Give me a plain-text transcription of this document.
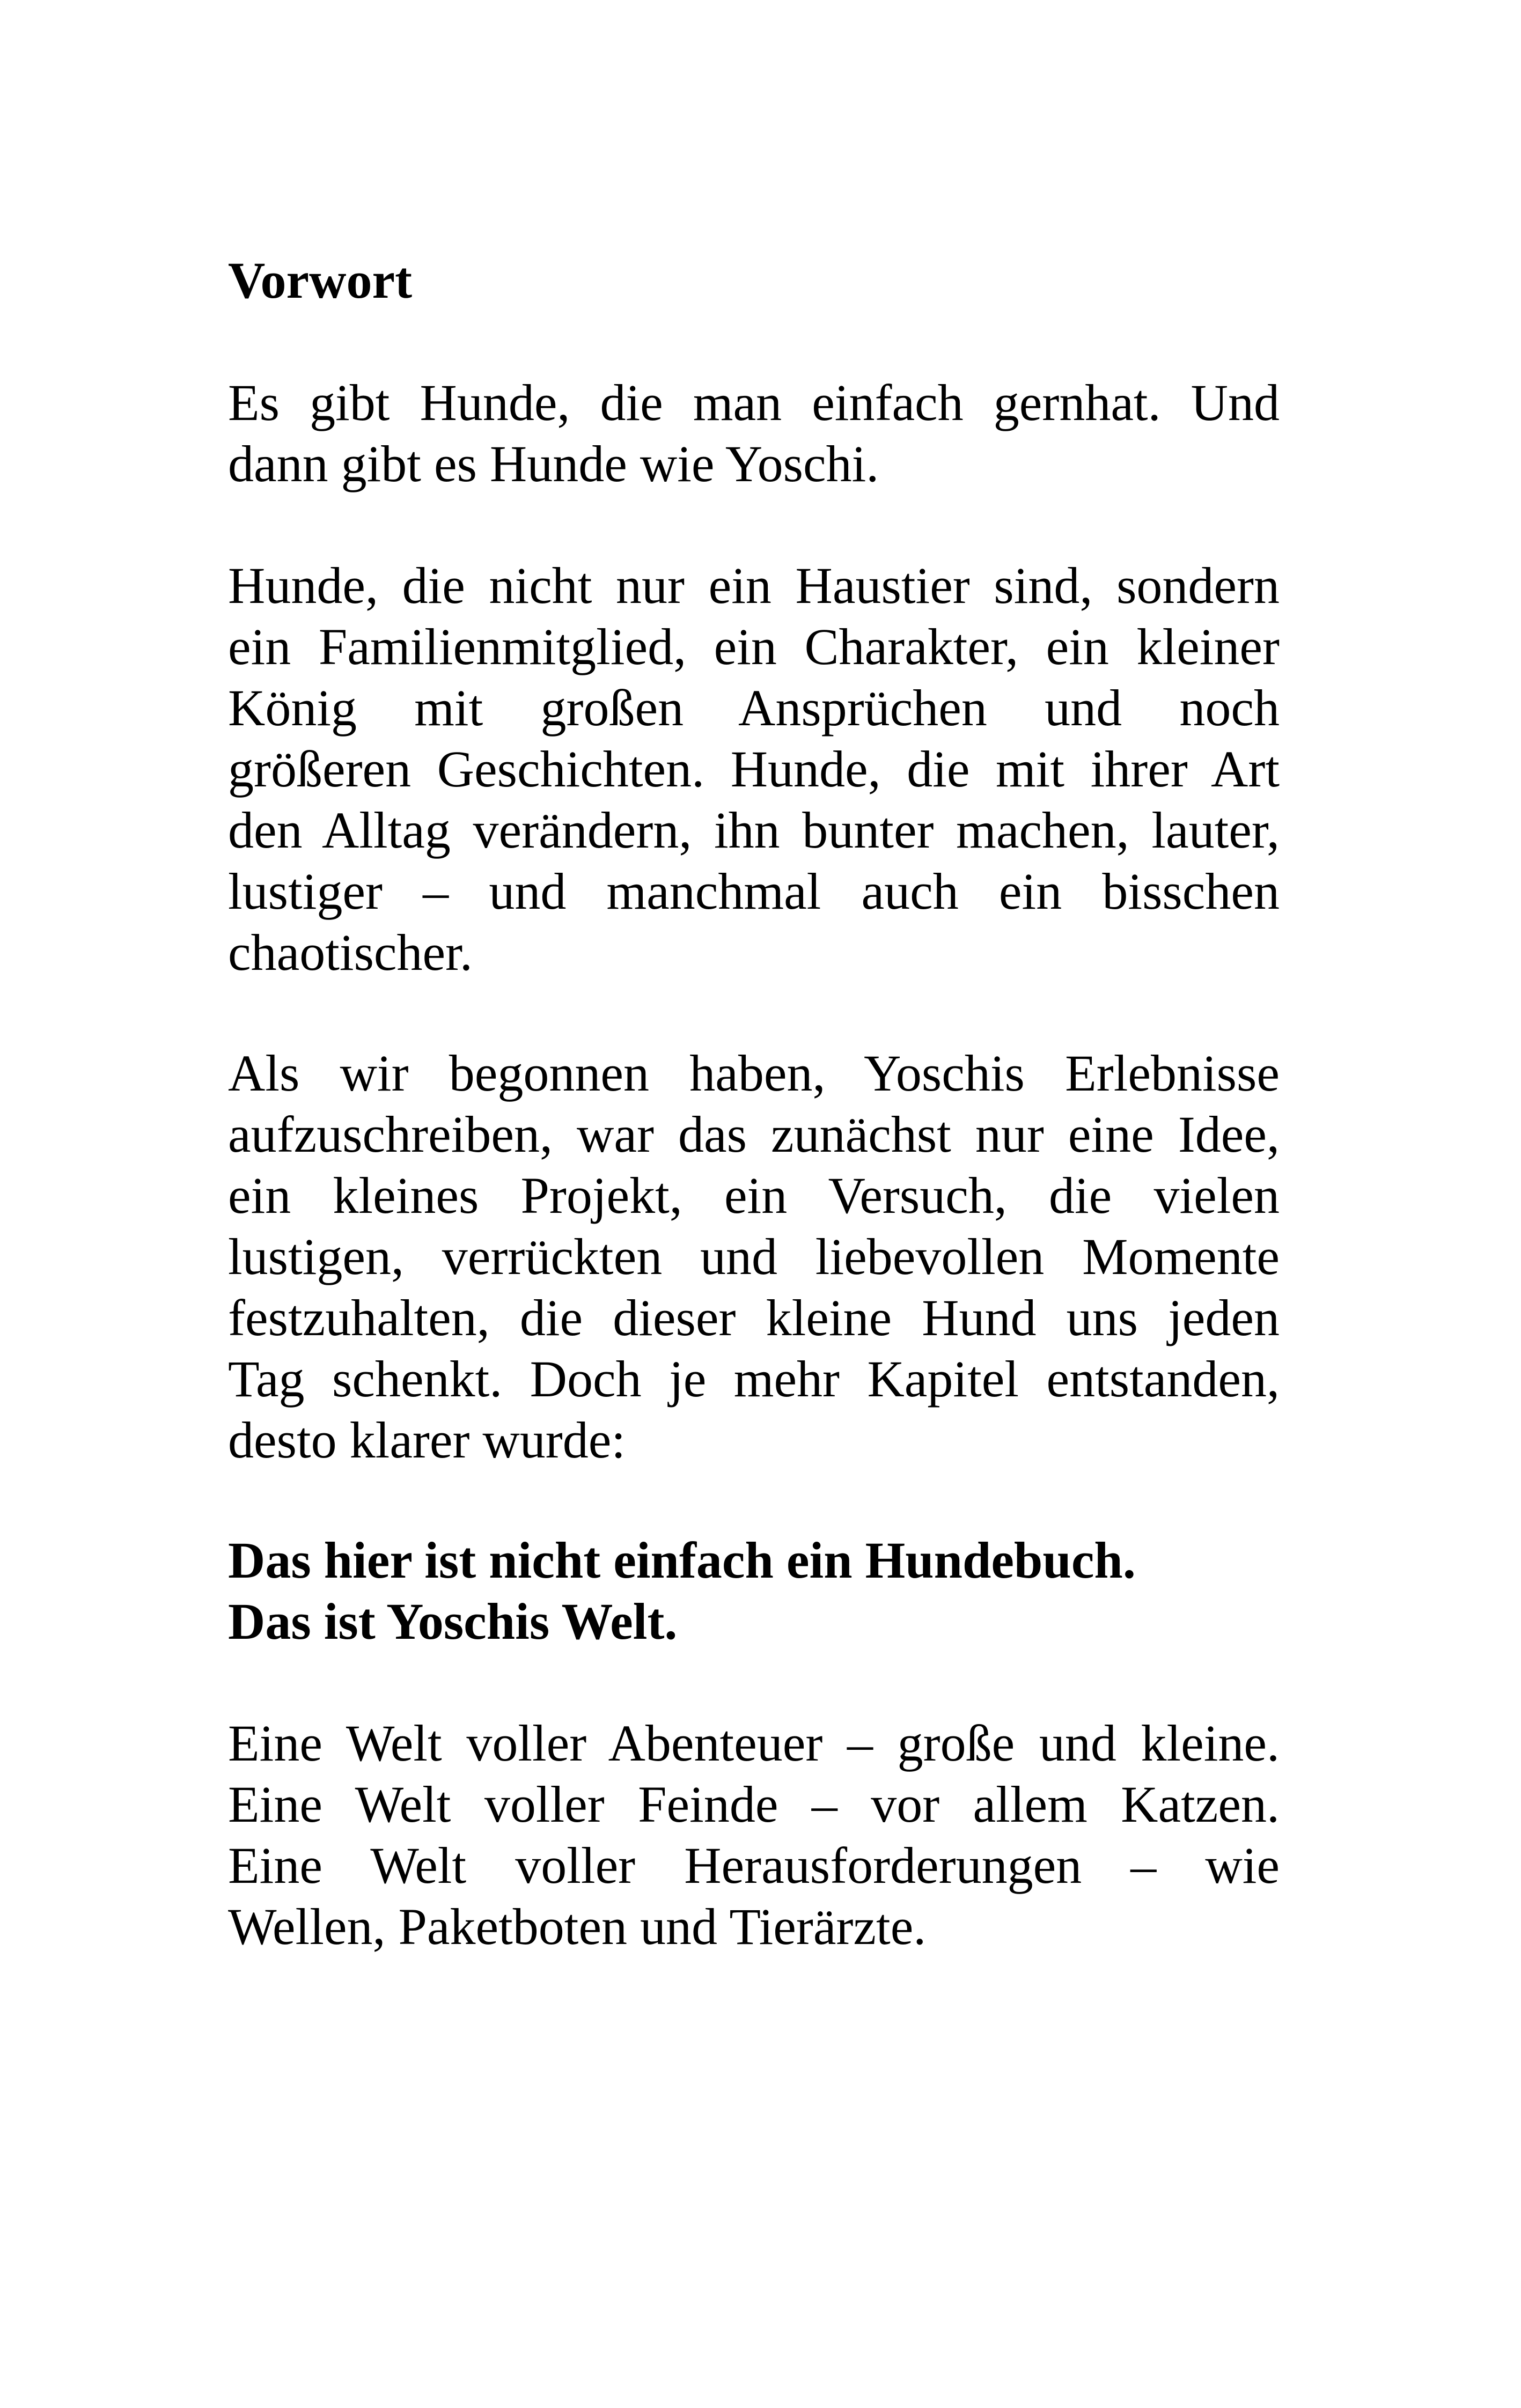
Vorwort

Es gibt Hunde, die man einfach gernhat. Und
dann gibt es Hunde wie Yoschi.

Hunde, die nicht nur ein Haustier sind, sondern
ein Familienmitglied, ein Charakter, ein kleiner
König mit großen Ansprüchen und noch
größeren Geschichten. Hunde, die mit ihrer Art
den Alltag verändern, ihn bunter machen, lauter,
lustiger – und manchmal auch ein bisschen
chaotischer.

Als wir begonnen haben, Yoschis Erlebnisse
aufzuschreiben, war das zunächst nur eine Idee,
ein kleines Projekt, ein Versuch, die vielen
lustigen, verrückten und liebevollen Momente
festzuhalten, die dieser kleine Hund uns jeden
Tag schenkt. Doch je mehr Kapitel entstanden,
desto klarer wurde:

Das hier ist nicht einfach ein Hundebuch.
Das ist Yoschis Welt.

Eine Welt voller Abenteuer – große und kleine.
Eine Welt voller Feinde – vor allem Katzen.
Eine Welt voller Herausforderungen – wie
Wellen, Paketboten und Tierärzte.
